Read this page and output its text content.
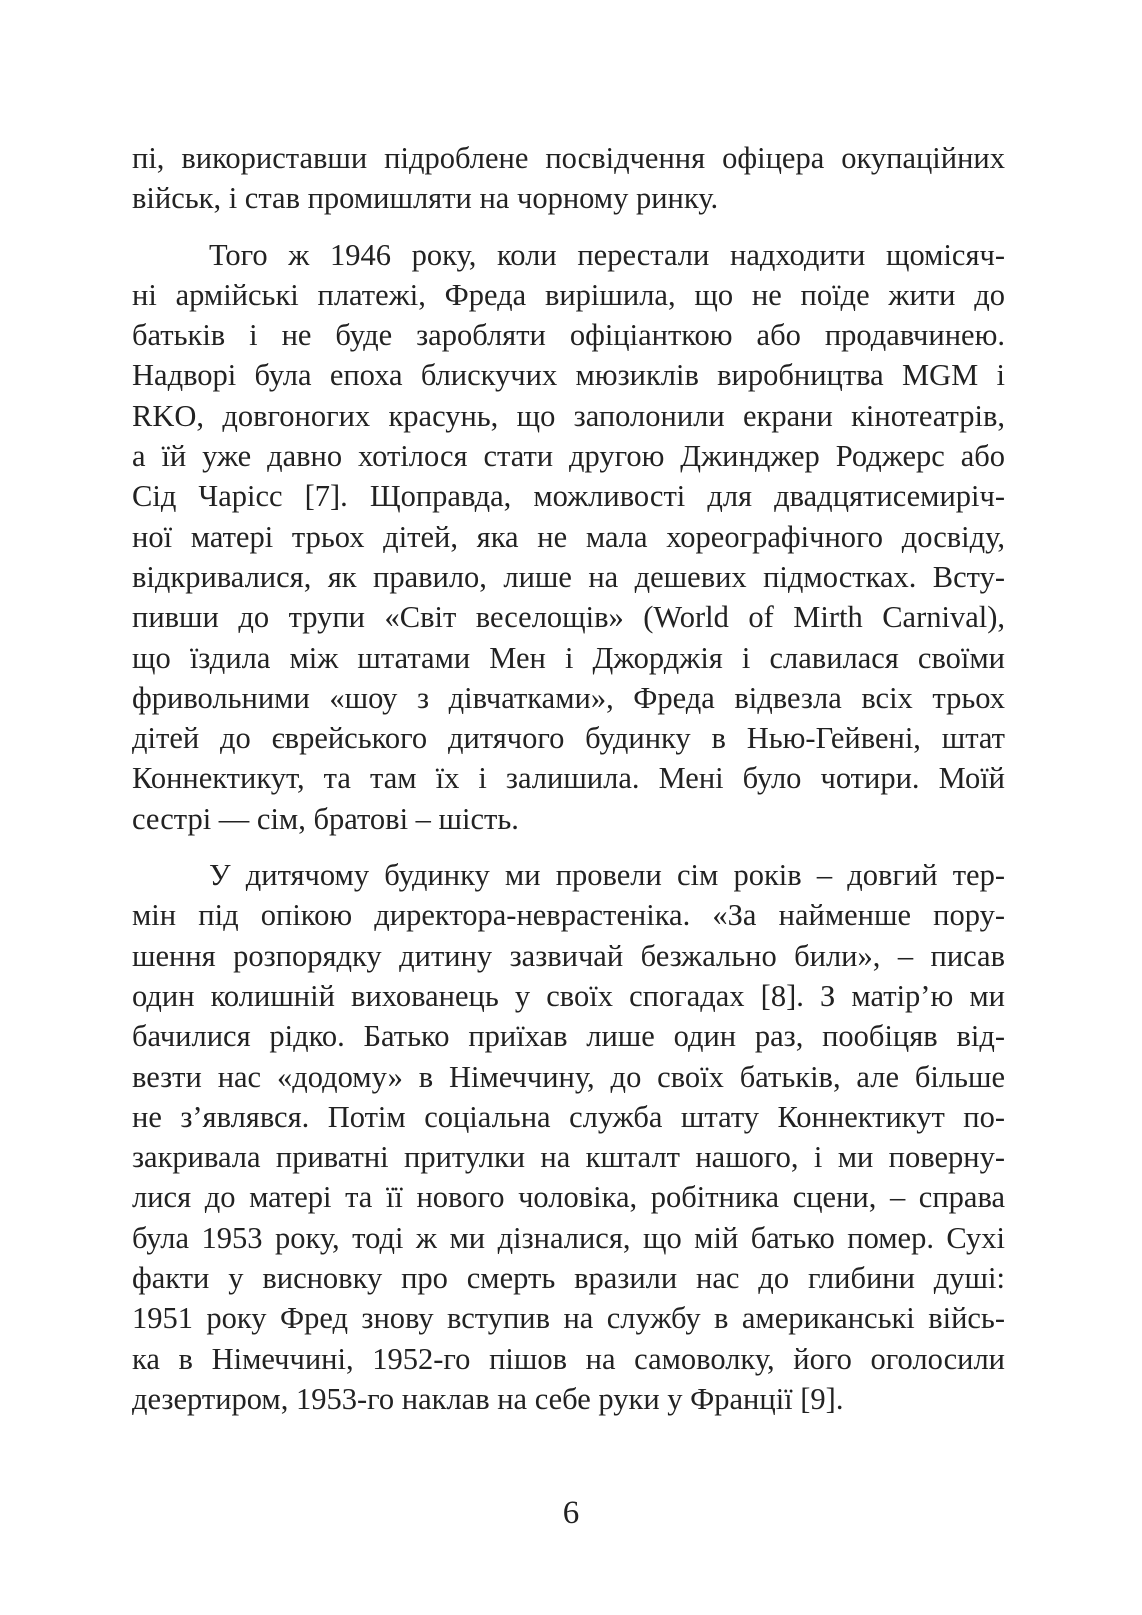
пі, використавши підроблене посвідчення офіцера окупаційних
військ, і став промишляти на чорному ринку.
Того ж 1946 року, коли перестали надходити щомісяч-
ні армійські платежі, Фреда вирішила, що не поїде жити до
батьків і не буде заробляти офіціанткою або продавчинею.
Надворі була епоха блискучих мюзиклів виробництва MGM і
RKO, довгоногих красунь, що заполонили екрани кінотеатрів,
а їй уже давно хотілося стати другою Джинджер Роджерс або
Сід Чарісс [7]. Щоправда, можливості для двадцятисемиріч-
ної матері трьох дітей, яка не мала хореографічного досвіду,
відкривалися, як правило, лише на дешевих підмостках. Всту-
пивши до трупи «Світ веселощів» (World of Mirth Carnival),
що їздила між штатами Мен і Джорджія і славилася своїми
фривольними «шоу з дівчатками», Фреда відвезла всіх трьох
дітей до єврейського дитячого будинку в Нью-Гейвені, штат
Коннектикут, та там їх і залишила. Мені було чотири. Моїй
сестрі — сім, братові – шість.
У дитячому будинку ми провели сім років – довгий тер-
мін під опікою директора-неврастеніка. «За найменше пору-
шення розпорядку дитину зазвичай безжально били», – писав
один колишній вихованець у своїх спогадах [8]. З матір’ю ми
бачилися рідко. Батько приїхав лише один раз, пообіцяв від-
везти нас «додому» в Німеччину, до своїх батьків, але більше
не з’являвся. Потім соціальна служба штату Коннектикут по-
закривала приватні притулки на кшталт нашого, і ми поверну-
лися до матері та її нового чоловіка, робітника сцени, – справа
була 1953 року, тоді ж ми дізналися, що мій батько помер. Сухі
факти у висновку про смерть вразили нас до глибини душі:
1951 року Фред знову вступив на службу в американські війсь-
ка в Німеччині, 1952-го пішов на самоволку, його оголосили
дезертиром, 1953-го наклав на себе руки у Франції [9].
6
